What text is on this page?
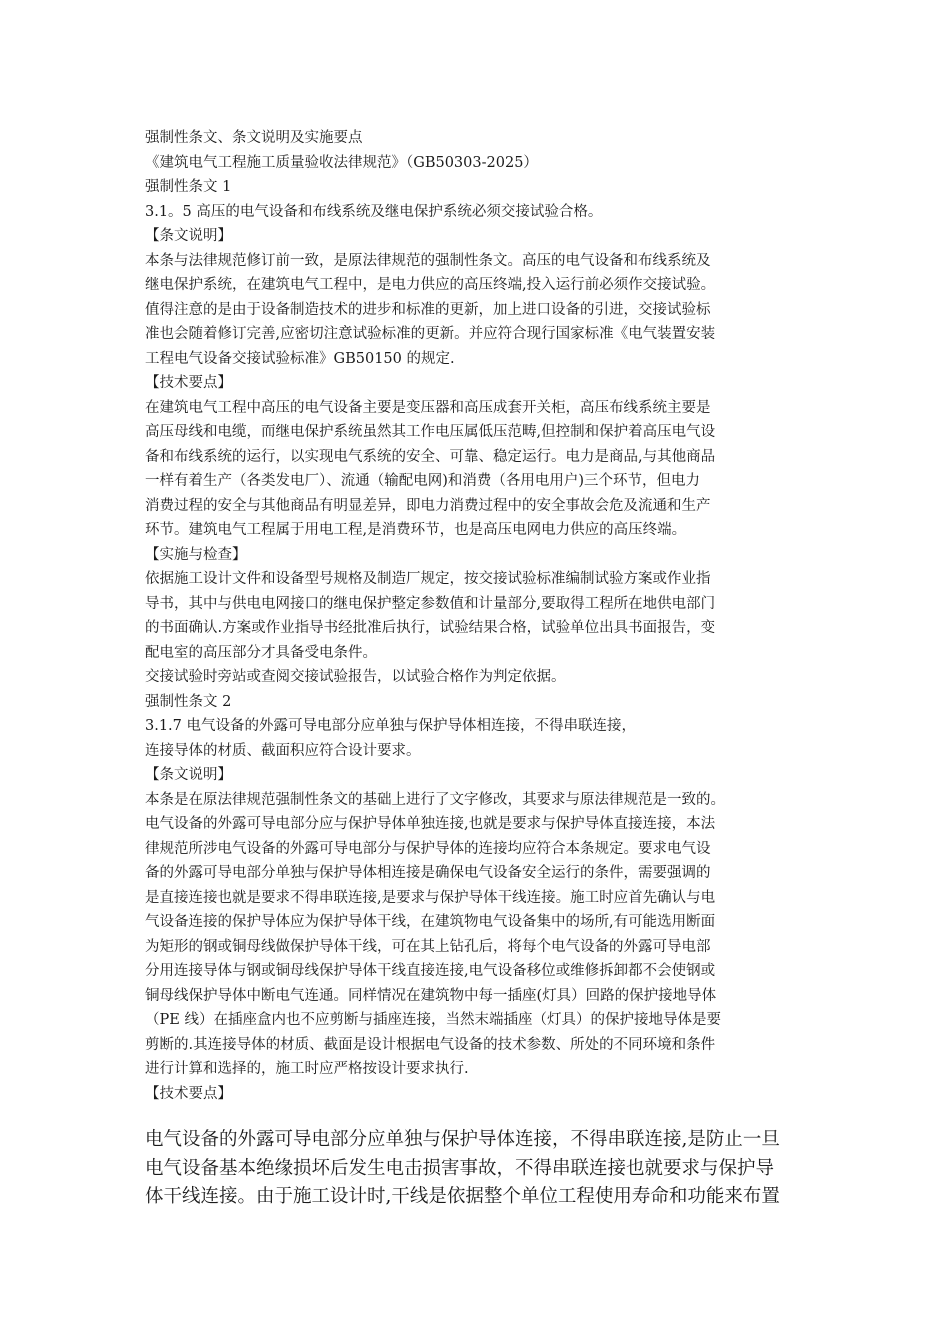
强制性条文、条文说明及实施要点

《建筑电气工程施工质量验收法律规范》（GB50303-2025）

强制性条文 1

3.1。5 高压的电气设备和布线系统及继电保护系统必须交接试验合格。

【条文说明】

本条与法律规范修订前一致，是原法律规范的强制性条文。高压的电气设备和布线系统及

继电保护系统，在建筑电气工程中，是电力供应的高压终端,投入运行前必须作交接试验。

值得注意的是由于设备制造技术的进步和标准的更新，加上进口设备的引进，交接试验标

准也会随着修订完善,应密切注意试验标准的更新。并应符合现行国家标准《电气装置安装

工程电气设备交接试验标准》GB50150 的规定.

【技术要点】

在建筑电气工程中高压的电气设备主要是变压器和高压成套开关柜，高压布线系统主要是

高压母线和电缆，而继电保护系统虽然其工作电压属低压范畴,但控制和保护着高压电气设

备和布线系统的运行，以实现电气系统的安全、可靠、稳定运行。电力是商品,与其他商品

一样有着生产（各类发电厂）、流通（输配电网)和消费（各用电用户)三个环节，但电力

消费过程的安全与其他商品有明显差异，即电力消费过程中的安全事故会危及流通和生产

环节。建筑电气工程属于用电工程,是消费环节，也是高压电网电力供应的高压终端。

【实施与检查】

依据施工设计文件和设备型号规格及制造厂规定，按交接试验标准编制试验方案或作业指

导书，其中与供电电网接口的继电保护整定参数值和计量部分,要取得工程所在地供电部门

的书面确认.方案或作业指导书经批准后执行，试验结果合格，试验单位出具书面报告，变

配电室的高压部分才具备受电条件。

交接试验时旁站或查阅交接试验报告，以试验合格作为判定依据。

强制性条文 2

3.1.7 电气设备的外露可导电部分应单独与保护导体相连接，不得串联连接，

连接导体的材质、截面积应符合设计要求。

【条文说明】

本条是在原法律规范强制性条文的基础上进行了文字修改，其要求与原法律规范是一致的。

电气设备的外露可导电部分应与保护导体单独连接,也就是要求与保护导体直接连接，本法

律规范所涉电气设备的外露可导电部分与保护导体的连接均应符合本条规定。要求电气设

备的外露可导电部分单独与保护导体相连接是确保电气设备安全运行的条件，需要强调的

是直接连接也就是要求不得串联连接,是要求与保护导体干线连接。施工时应首先确认与电

气设备连接的保护导体应为保护导体干线，在建筑物电气设备集中的场所,有可能选用断面

为矩形的钢或铜母线做保护导体干线，可在其上钻孔后，将每个电气设备的外露可导电部

分用连接导体与钢或铜母线保护导体干线直接连接,电气设备移位或维修拆卸都不会使钢或

铜母线保护导体中断电气连通。同样情况在建筑物中每一插座(灯具）回路的保护接地导体

（PE 线）在插座盒内也不应剪断与插座连接，当然末端插座（灯具）的保护接地导体是要

剪断的.其连接导体的材质、截面是设计根据电气设备的技术参数、所处的不同环境和条件

进行计算和选择的，施工时应严格按设计要求执行.

【技术要点】

电气设备的外露可导电部分应单独与保护导体连接，不得串联连接,是防止一旦

电气设备基本绝缘损坏后发生电击损害事故，不得串联连接也就要求与保护导

体干线连接。由于施工设计时,干线是依据整个单位工程使用寿命和功能来布置
